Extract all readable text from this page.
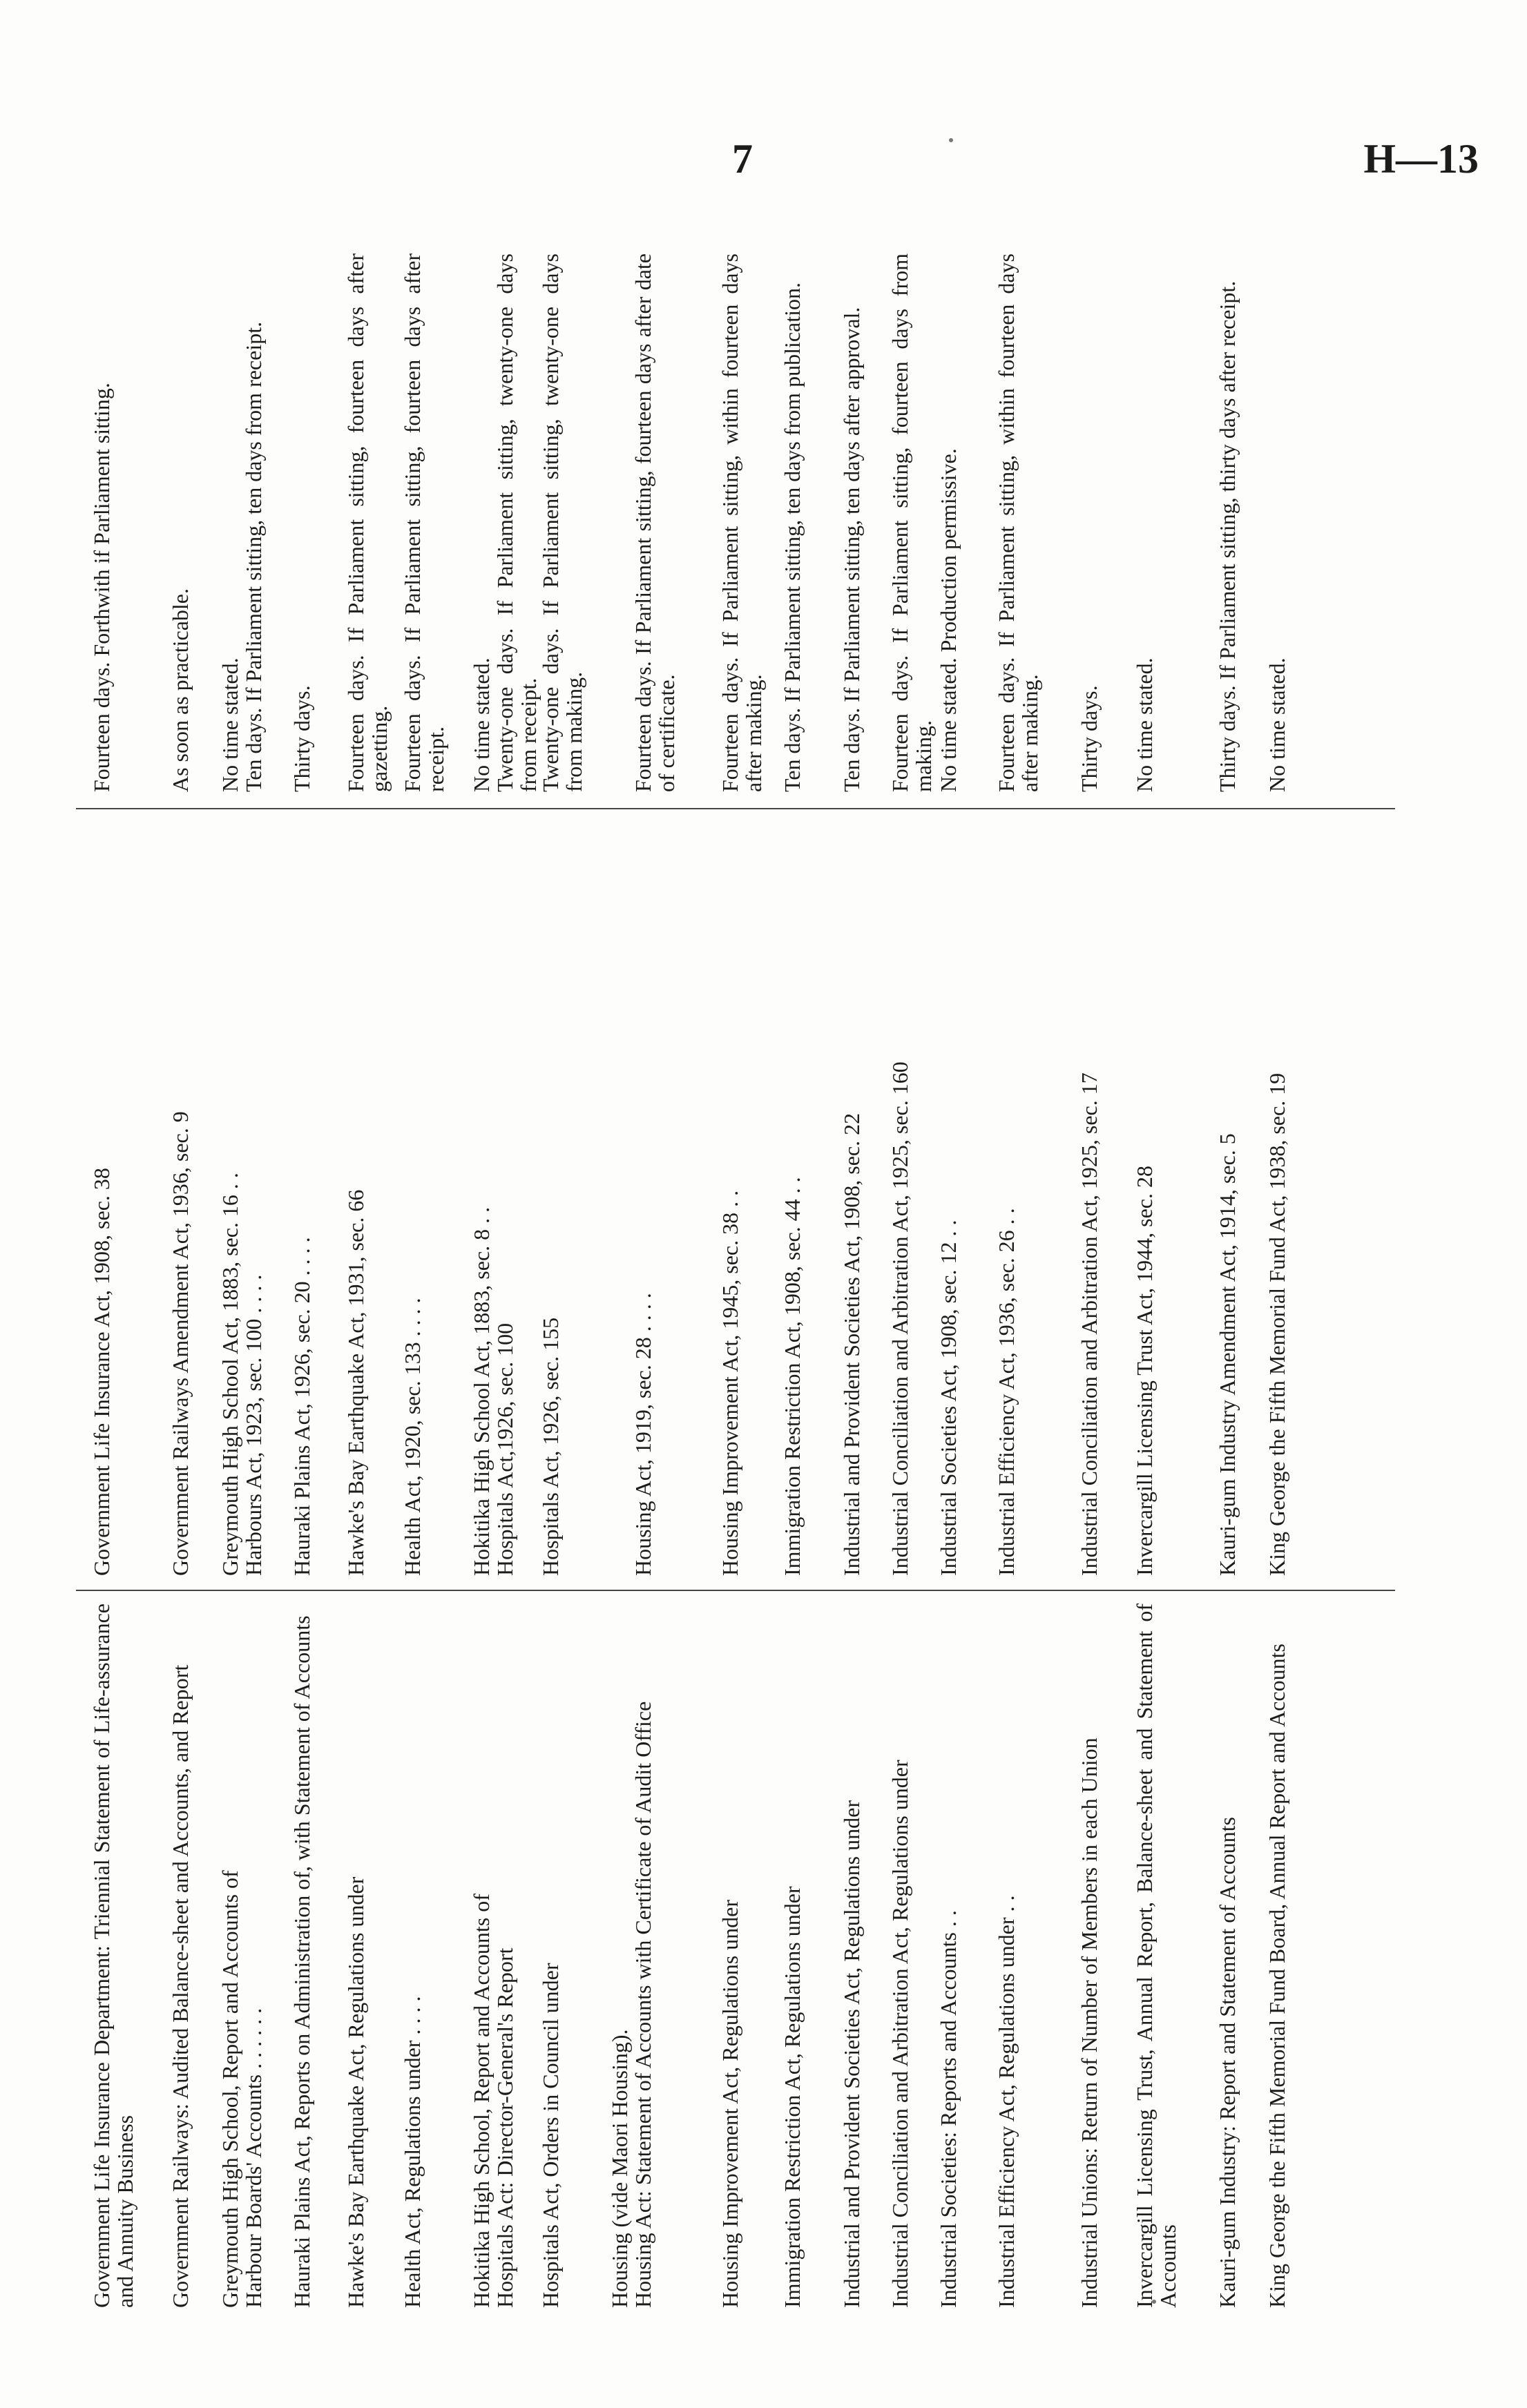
7	H—13
Government Life Insurance Department: Triennial Statement of Life-assurance and Annuity Business
Government Life Insurance Act, 1908, sec. 38
Fourteen days. Forthwith if Parliament sitting.
Government Railways: Audited Balance-sheet and Accounts, and Report
Government Railways Amendment Act, 1936, sec. 9
As soon as practicable.
Greymouth High School, Report and Accounts of
Greymouth High School Act, 1883, sec. 16 . .
No time stated.
Harbour Boards' Accounts . . . . . .
Harbours Act, 1923, sec. 100 . . . .
Ten days. If Parliament sitting, ten days from receipt.
Hauraki Plains Act, Reports on Administration of, with Statement of Accounts
Hauraki Plains Act, 1926, sec. 20 . . . .
Thirty days.
Hawke's Bay Earthquake Act, Regulations under
Hawke's Bay Earthquake Act, 1931, sec. 66
Fourteen days. If Parliament sitting, fourteen days after gazetting.
Health Act, Regulations under . . . .
Health Act, 1920, sec. 133 . . . .
Fourteen days. If Parliament sitting, fourteen days after receipt.
Hokitika High School, Report and Accounts of
Hokitika High School Act, 1883, sec. 8 . .
No time stated.
Hospitals Act: Director-General's Report
Hospitals Act,1926, sec. 100
Twenty-one days. If Parliament sitting, twenty-one days from receipt.
Hospitals Act, Orders in Council under
Hospitals Act, 1926, sec. 155
Twenty-one days. If Parliament sitting, twenty-one days from making.
Housing (vide Maori Housing).
Housing Act: Statement of Accounts with Certificate of Audit Office
Housing Act, 1919, sec. 28 . . . .
Fourteen days. If Parliament sitting, fourteen days after date of certificate.
Housing Improvement Act, Regulations under
Housing Improvement Act, 1945, sec. 38 . .
Fourteen days. If Parliament sitting, within fourteen days after making.
Immigration Restriction Act, Regulations under
Immigration Restriction Act, 1908, sec. 44 . .
Ten days. If Parliament sitting, ten days from publication.
Industrial and Provident Societies Act, Regulations under
Industrial and Provident Societies Act, 1908, sec. 22
Ten days. If Parliament sitting, ten days after approval.
Industrial Conciliation and Arbitration Act, Regulations under
Industrial Conciliation and Arbitration Act, 1925, sec. 160
Fourteen days. If Parliament sitting, fourteen days from making.
Industrial Societies: Reports and Accounts . .
Industrial Societies Act, 1908, sec. 12 . .
No time stated. Production permissive.
Industrial Efficiency Act, Regulations under . .
Industrial Efficiency Act, 1936, sec. 26 . .
Fourteen days. If Parliament sitting, within fourteen days after making.
Industrial Unions: Return of Number of Members in each Union
Industrial Conciliation and Arbitration Act, 1925, sec. 17
Thirty days.
Invercargill Licensing Trust, Annual Report, Balance-sheet and Statement of Accounts
Invercargill Licensing Trust Act, 1944, sec. 28
No time stated.
Kauri-gum Industry: Report and Statement of Accounts
Kauri-gum Industry Amendment Act, 1914, sec. 5
Thirty days. If Parliament sitting, thirty days after receipt.
King George the Fifth Memorial Fund Board, Annual Report and Accounts
King George the Fifth Memorial Fund Act, 1938, sec. 19
No time stated.
